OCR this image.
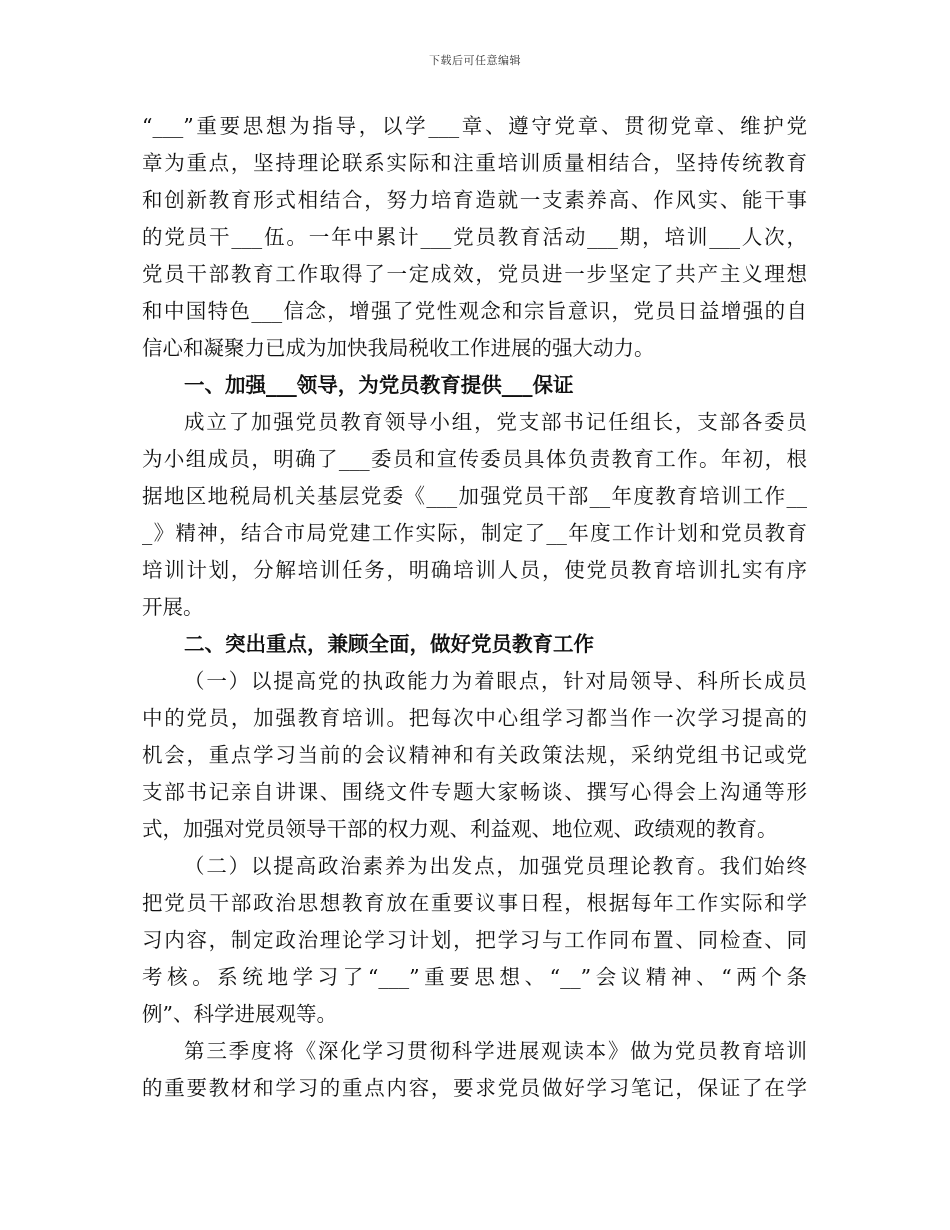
下载后可任意编辑
“___”重要思想为指导，以学___章、遵守党章、贯彻党章、维护党
章为重点，坚持理论联系实际和注重培训质量相结合，坚持传统教育
和创新教育形式相结合，努力培育造就一支素养高、作风实、能干事
的党员干___伍。一年中累计___党员教育活动___期，培训___人次，
党员干部教育工作取得了一定成效，党员进一步坚定了共产主义理想
和中国特色___信念，增强了党性观念和宗旨意识，党员日益增强的自
信心和凝聚力已成为加快我局税收工作进展的强大动力。
一、加强___领导，为党员教育提供___保证
成立了加强党员教育领导小组，党支部书记任组长，支部各委员
为小组成员，明确了___委员和宣传委员具体负责教育工作。年初，根
据地区地税局机关基层党委《___加强党员干部__年度教育培训工作__
_》精神，结合市局党建工作实际，制定了__年度工作计划和党员教育
培训计划，分解培训任务，明确培训人员，使党员教育培训扎实有序
开展。
二、突出重点，兼顾全面，做好党员教育工作
（一）以提高党的执政能力为着眼点，针对局领导、科所长成员
中的党员，加强教育培训。把每次中心组学习都当作一次学习提高的
机会，重点学习当前的会议精神和有关政策法规，采纳党组书记或党
支部书记亲自讲课、围绕文件专题大家畅谈、撰写心得会上沟通等形
式，加强对党员领导干部的权力观、利益观、地位观、政绩观的教育。
（二）以提高政治素养为出发点，加强党员理论教育。我们始终
把党员干部政治思想教育放在重要议事日程，根据每年工作实际和学
习内容，制定政治理论学习计划，把学习与工作同布置、同检查、同
考核。系统地学习了“___”重要思想、“__”会议精神、“两个条
例”、科学进展观等。
第三季度将《深化学习贯彻科学进展观读本》做为党员教育培训
的重要教材和学习的重点内容，要求党员做好学习笔记，保证了在学
